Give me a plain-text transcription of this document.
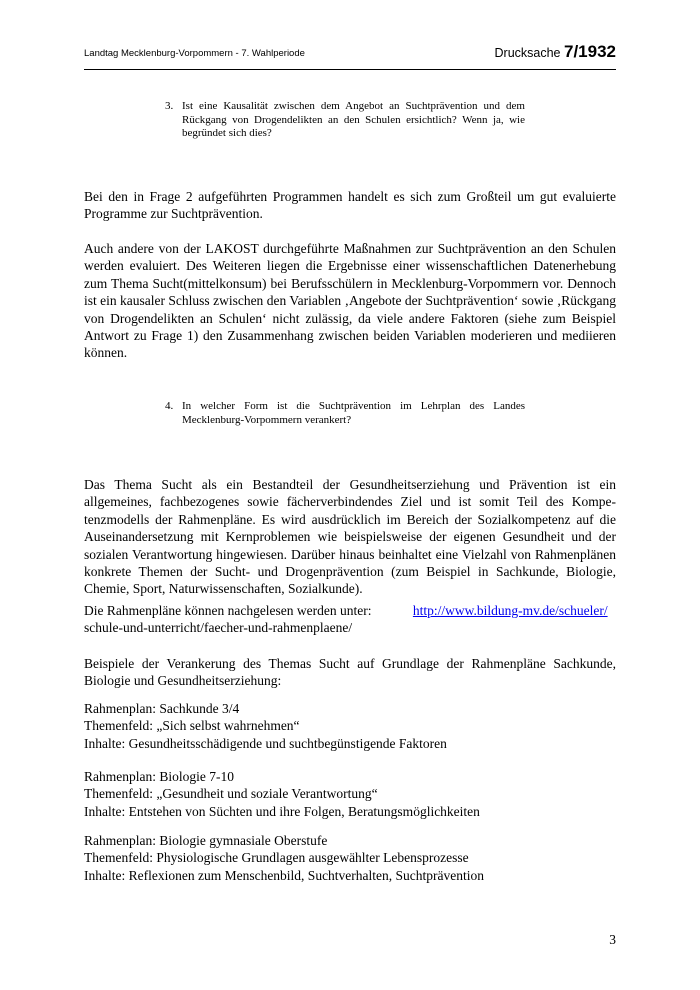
Landtag Mecklenburg-Vorpommern - 7. Wahlperiode	Drucksache 7/1932
3. Ist eine Kausalität zwischen dem Angebot an Suchtprävention und dem Rückgang von Drogendelikten an den Schulen ersichtlich? Wenn ja, wie begründet sich dies?

Bei den in Frage 2 aufgeführten Programmen handelt es sich zum Großteil um gut evaluierte Programme zur Suchtprävention.

Auch andere von der LAKOST durchgeführte Maßnahmen zur Suchtprävention an den Schulen werden evaluiert. Des Weiteren liegen die Ergebnisse einer wissenschaftlichen Datenerhebung zum Thema Sucht(mittelkonsum) bei Berufsschülern in Mecklenburg-Vorpommern vor. Dennoch ist ein kausaler Schluss zwischen den Variablen ‚Angebote der Suchtprävention‘ sowie ‚Rückgang von Drogendelikten an Schulen‘ nicht zulässig, da viele andere Faktoren (siehe zum Beispiel Antwort zu Frage 1) den Zusammenhang zwischen beiden Variablen moderieren und mediieren können.

4. In welcher Form ist die Suchtprävention im Lehrplan des Landes Mecklenburg-Vorpommern verankert?

Das Thema Sucht als ein Bestandteil der Gesundheitserziehung und Prävention ist ein allgemeines, fachbezogenes sowie fächerverbindendes Ziel und ist somit Teil des Kompetenzmodells der Rahmenpläne. Es wird ausdrücklich im Bereich der Sozialkompetenz auf die Auseinandersetzung mit Kernproblemen wie beispielsweise der eigenen Gesundheit und der sozialen Verantwortung hingewiesen. Darüber hinaus beinhaltet eine Vielzahl von Rahmenplänen konkrete Themen der Sucht- und Drogenprävention (zum Beispiel in Sachkunde, Biologie, Chemie, Sport, Naturwissenschaften, Sozialkunde).

Die Rahmenpläne können nachgelesen werden unter:	http://www.bildung-mv.de/schueler/
schule-und-unterricht/faecher-und-rahmenplaene/

Beispiele der Verankerung des Themas Sucht auf Grundlage der Rahmenpläne Sachkunde, Biologie und Gesundheitserziehung:

Rahmenplan: Sachkunde 3/4
Themenfeld: „Sich selbst wahrnehmen“
Inhalte: Gesundheitsschädigende und suchtbegünstigende Faktoren
Rahmenplan: Biologie 7-10
Themenfeld: „Gesundheit und soziale Verantwortung“
Inhalte: Entstehen von Süchten und ihre Folgen, Beratungsmöglichkeiten
Rahmenplan: Biologie gymnasiale Oberstufe
Themenfeld: Physiologische Grundlagen ausgewählter Lebensprozesse
Inhalte: Reflexionen zum Menschenbild, Suchtverhalten, Suchtprävention
3
